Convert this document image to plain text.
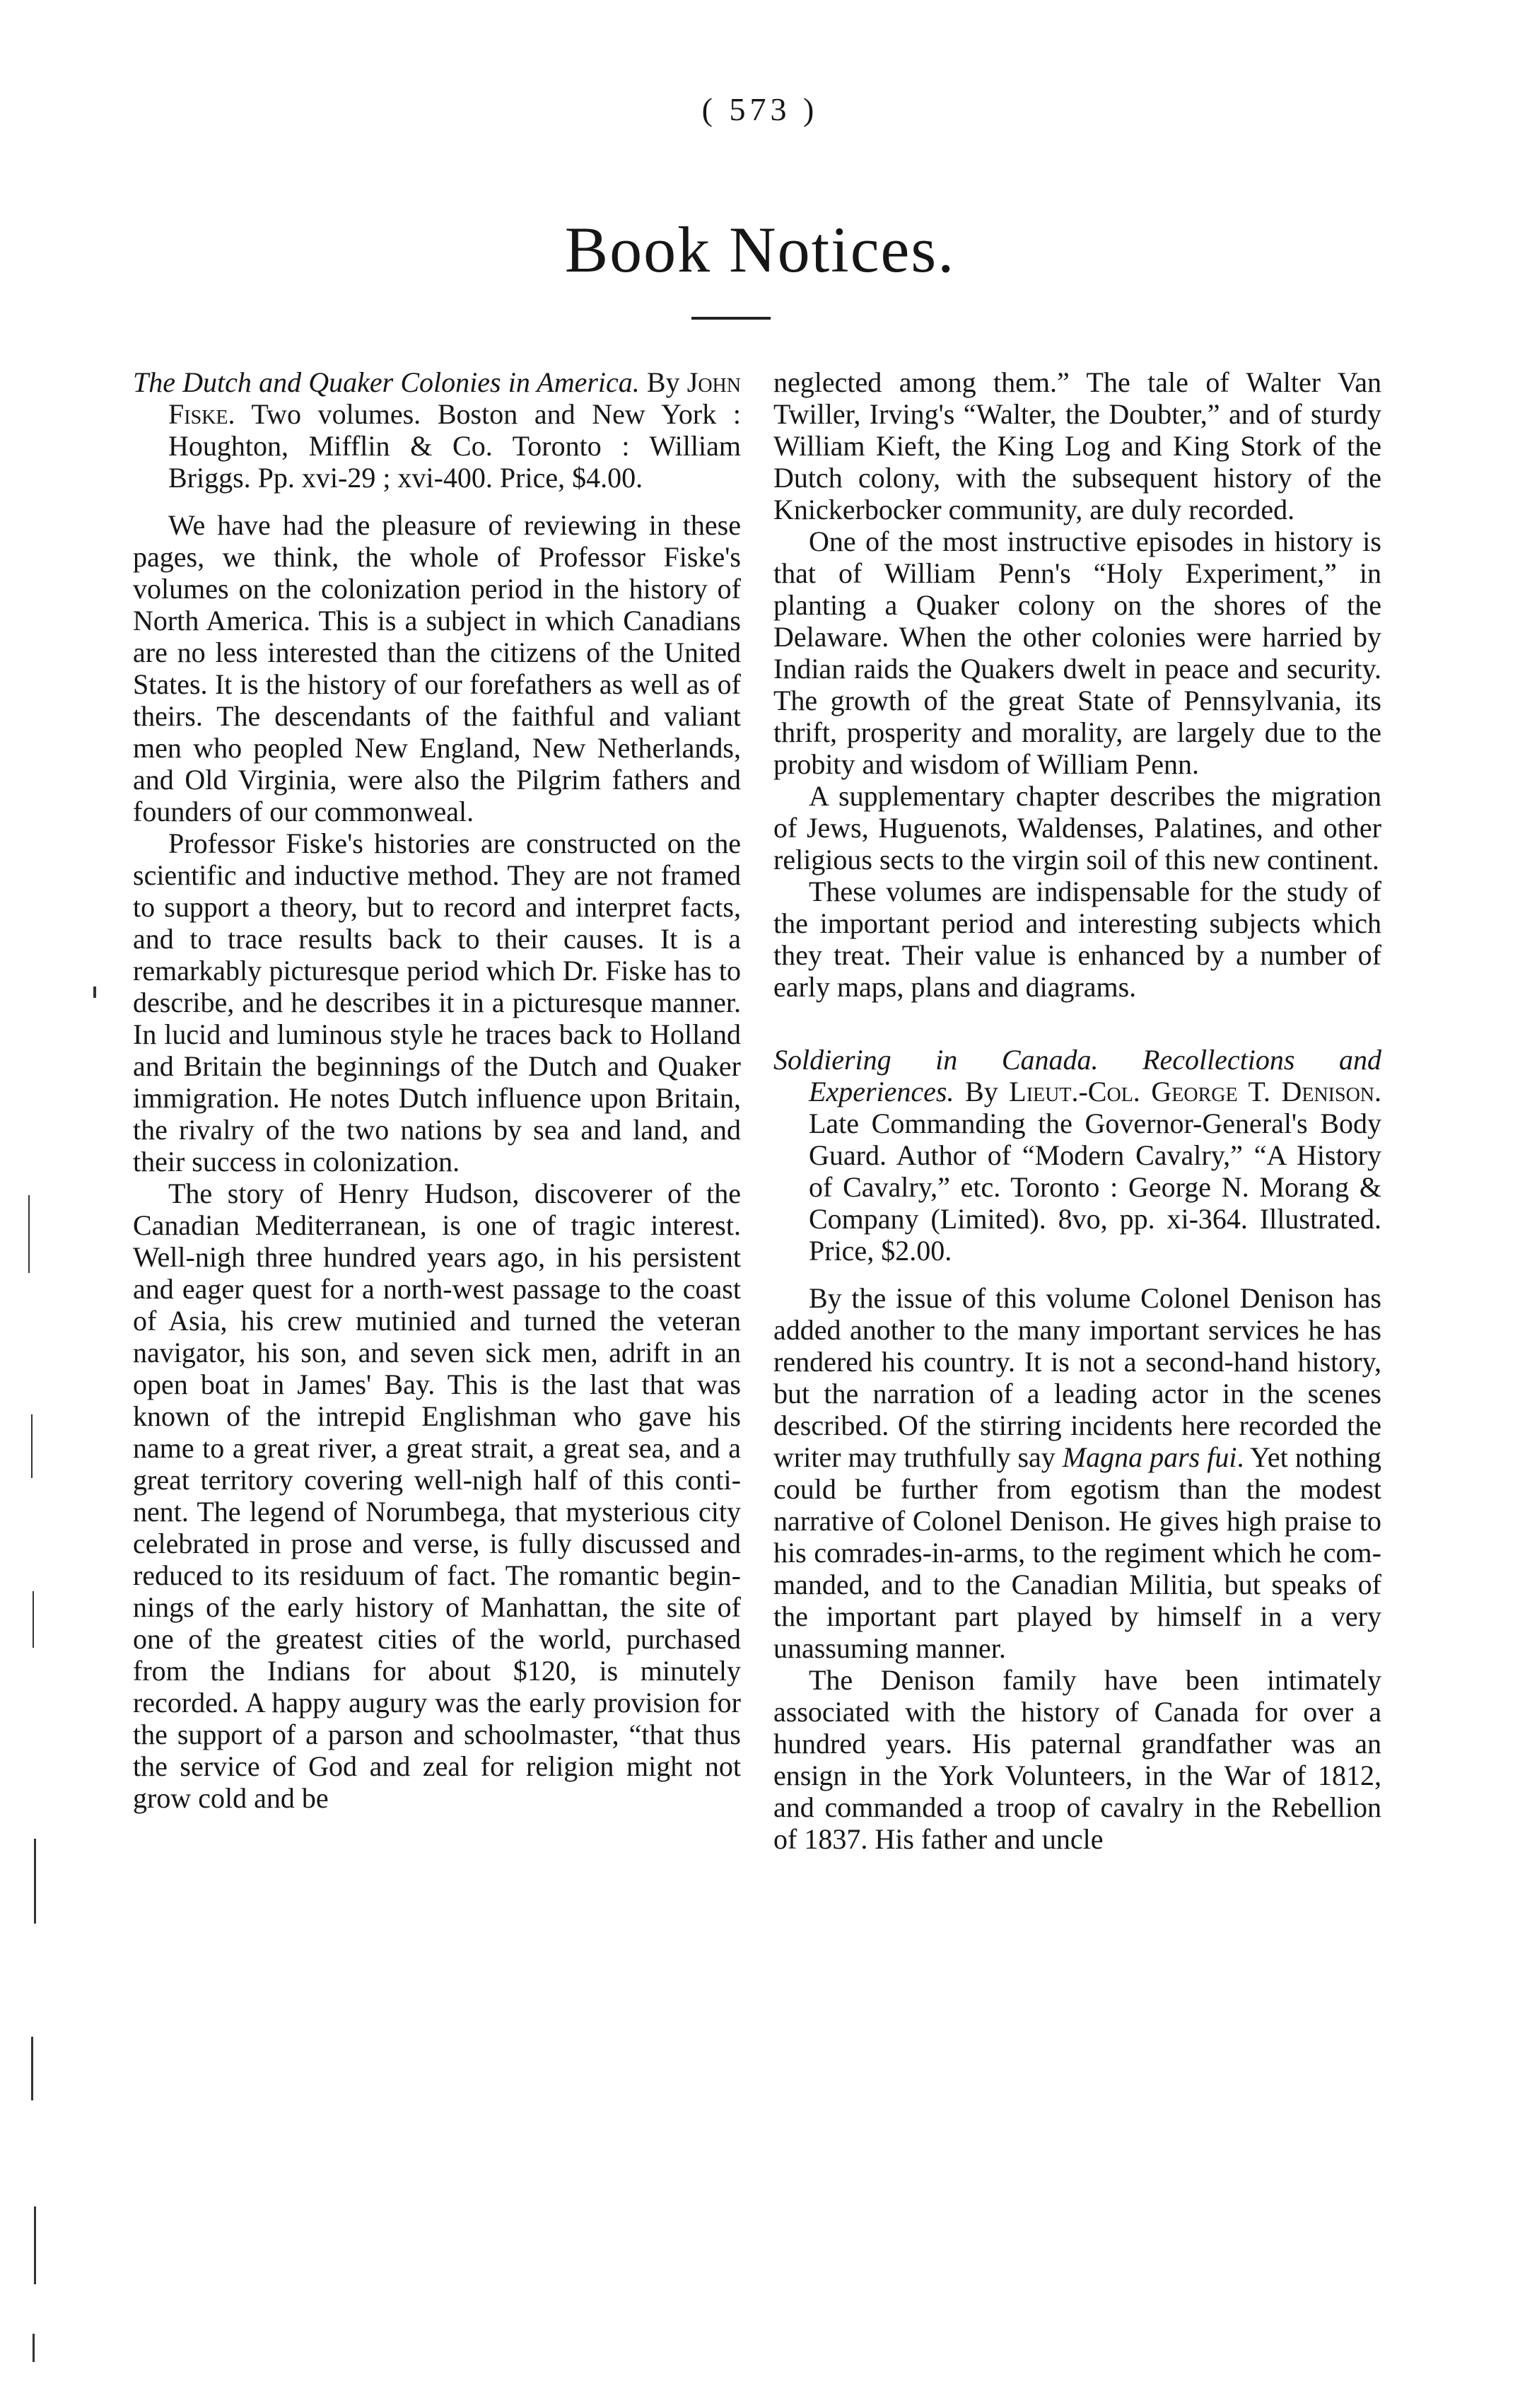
( 573 )
Book Notices.

The Dutch and Quaker Colonies in America. By John Fiske. Two volumes. Boston and New York : Houghton, Mifflin & Co. Toronto : William Briggs. Pp. xvi-29 ; xvi-400. Price, $4.00.

We have had the pleasure of reviewing in these pages, we think, the whole of Professor Fiske's volumes on the colonization period in the history of North America. This is a subject in which Canadians are no less interested than the citizens of the United States. It is the history of our forefathers as well as of theirs. The descendants of the faithful and valiant men who peopled New England, New Netherlands, and Old Virginia, were also the Pilgrim fathers and founders of our commonweal.

Professor Fiske's histories are constructed on the scientific and inductive method. They are not framed to support a theory, but to record and interpret facts, and to trace results back to their causes. It is a remarkably picturesque period which Dr. Fiske has to describe, and he describes it in a picturesque manner. In lucid and luminous style he traces back to Holland and Britain the beginnings of the Dutch and Quaker immigration. He notes Dutch influence upon Britain, the rivalry of the two nations by sea and land, and their success in colonization.

The story of Henry Hudson, discoverer of the Canadian Mediterranean, is one of tragic interest. Well-nigh three hundred years ago, in his persistent and eager quest for a north-west passage to the coast of Asia, his crew mutinied and turned the veteran navigator, his son, and seven sick men, adrift in an open boat in James' Bay. This is the last that was known of the intrepid Englishman who gave his name to a great river, a great strait, a great sea, and a great territory covering well-nigh half of this continent. The legend of Norumbega, that mysterious city celebrated in prose and verse, is fully discussed and reduced to its residuum of fact. The romantic beginnings of the early history of Manhattan, the site of one of the greatest cities of the world, purchased from the Indians for about $120, is minutely recorded. A happy augury was the early provision for the support of a parson and schoolmaster, “that thus the service of God and zeal for religion might not grow cold and be

neglected among them.” The tale of Walter Van Twiller, Irving's “Walter, the Doubter,” and of sturdy William Kieft, the King Log and King Stork of the Dutch colony, with the subsequent history of the Knickerbocker community, are duly recorded.

One of the most instructive episodes in history is that of William Penn's “Holy Experiment,” in planting a Quaker colony on the shores of the Delaware. When the other colonies were harried by Indian raids the Quakers dwelt in peace and security. The growth of the great State of Pennsylvania, its thrift, prosperity and morality, are largely due to the probity and wisdom of William Penn.

A supplementary chapter describes the migration of Jews, Huguenots, Waldenses, Palatines, and other religious sects to the virgin soil of this new continent.

These volumes are indispensable for the study of the important period and interesting subjects which they treat. Their value is enhanced by a number of early maps, plans and diagrams.

Soldiering in Canada. Recollections and Experiences. By Lieut.-Col. George T. Denison. Late Commanding the Governor-General's Body Guard. Author of “Modern Cavalry,” “A History of Cavalry,” etc. Toronto : George N. Morang & Company (Limited). 8vo, pp. xi-364. Illustrated. Price, $2.00.

By the issue of this volume Colonel Denison has added another to the many important services he has rendered his country. It is not a second-hand history, but the narration of a leading actor in the scenes described. Of the stirring incidents here recorded the writer may truthfully say Magna pars fui. Yet nothing could be further from egotism than the modest narrative of Colonel Denison. He gives high praise to his comrades-in-arms, to the regiment which he commanded, and to the Canadian Militia, but speaks of the important part played by himself in a very unassuming manner.

The Denison family have been intimately associated with the history of Canada for over a hundred years. His paternal grandfather was an ensign in the York Volunteers, in the War of 1812, and commanded a troop of cavalry in the Rebellion of 1837. His father and uncle
